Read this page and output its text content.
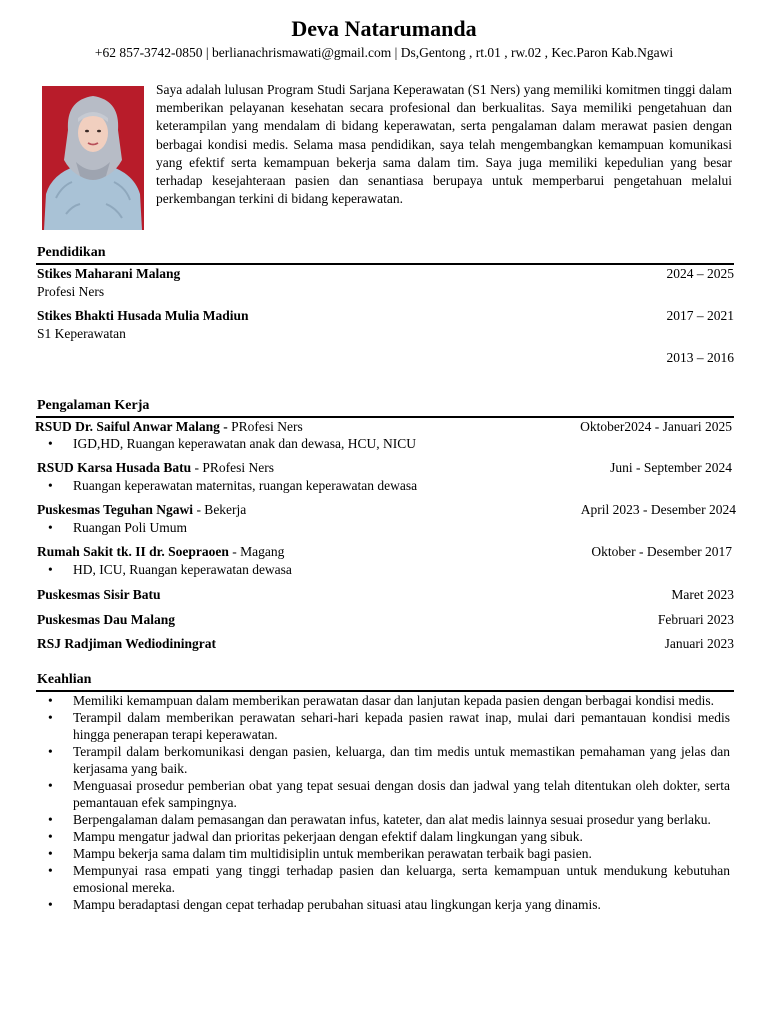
Deva Natarumanda
+62 857-3742-0850 | berlianachrismawati@gmail.com | Ds,Gentong , rt.01 , rw.02 , Kec.Paron Kab.Ngawi

Saya adalah lulusan Program Studi Sarjana Keperawatan (S1 Ners) yang memiliki komitmen tinggi dalam memberikan pelayanan kesehatan secara profesional dan berkualitas. Saya memiliki pengetahuan dan keterampilan yang mendalam di bidang keperawatan, serta pengalaman dalam merawat pasien dengan berbagai kondisi medis. Selama masa pendidikan, saya telah mengembangkan kemampuan komunikasi yang efektif serta kemampuan bekerja sama dalam tim. Saya juga memiliki kepedulian yang besar terhadap kesejahteraan pasien dan senantiasa berupaya untuk memperbarui pengetahuan melalui perkembangan terkini di bidang keperawatan.

Pendidikan
Stikes Maharani Malang	2024 – 2025
Profesi Ners
Stikes Bhakti Husada Mulia Madiun	2017 – 2021
S1 Keperawatan
2013 – 2016
Pengalaman Kerja
RSUD Dr. Saiful Anwar Malang - PRofesi Ners	Oktober2024 - Januari 2025
• IGD,HD, Ruangan keperawatan anak dan dewasa, HCU, NICU
RSUD Karsa Husada Batu - PRofesi Ners	Juni - September 2024
• Ruangan keperawatan maternitas, ruangan keperawatan dewasa
Puskesmas Teguhan Ngawi - Bekerja	April 2023 - Desember 2024
• Ruangan Poli Umum
Rumah Sakit tk. II dr. Soepraoen - Magang	Oktober - Desember 2017
• HD, ICU, Ruangan keperawatan dewasa
Puskesmas Sisir Batu	Maret 2023
Puskesmas Dau Malang	Februari 2023
RSJ Radjiman Wediodiningrat	Januari 2023
Keahlian
• Memiliki kemampuan dalam memberikan perawatan dasar dan lanjutan kepada pasien dengan berbagai kondisi medis.
• Terampil dalam memberikan perawatan sehari-hari kepada pasien rawat inap, mulai dari pemantauan kondisi medis hingga penerapan terapi keperawatan.
• Terampil dalam berkomunikasi dengan pasien, keluarga, dan tim medis untuk memastikan pemahaman yang jelas dan kerjasama yang baik.
• Menguasai prosedur pemberian obat yang tepat sesuai dengan dosis dan jadwal yang telah ditentukan oleh dokter, serta pemantauan efek sampingnya.
• Berpengalaman dalam pemasangan dan perawatan infus, kateter, dan alat medis lainnya sesuai prosedur yang berlaku.
• Mampu mengatur jadwal dan prioritas pekerjaan dengan efektif dalam lingkungan yang sibuk.
• Mampu bekerja sama dalam tim multidisiplin untuk memberikan perawatan terbaik bagi pasien.
• Mempunyai rasa empati yang tinggi terhadap pasien dan keluarga, serta kemampuan untuk mendukung kebutuhan emosional mereka.
• Mampu beradaptasi dengan cepat terhadap perubahan situasi atau lingkungan kerja yang dinamis.
